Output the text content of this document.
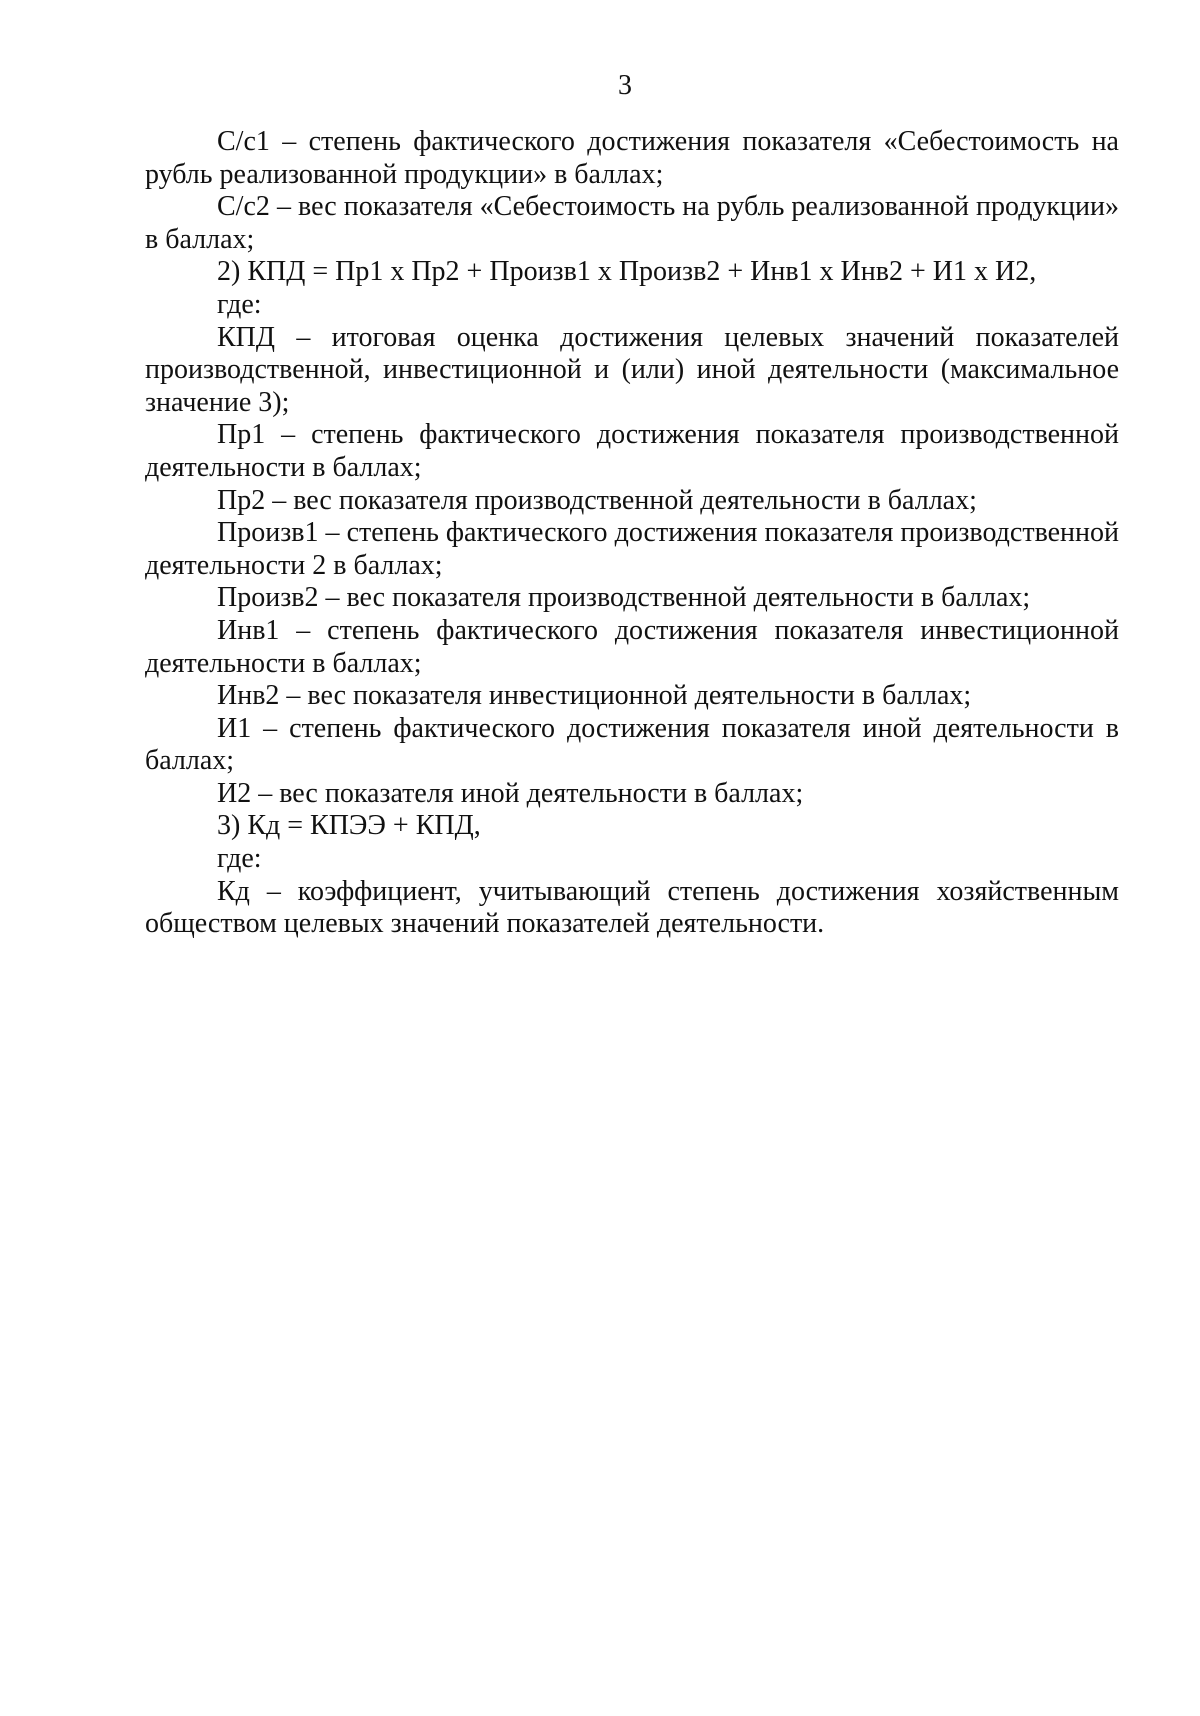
3

С/с1 – степень фактического достижения показателя «Себестоимость на рубль реализованной продукции» в баллах;

С/с2 – вес показателя «Себестоимость на рубль реализованной продукции» в баллах;

2) КПД = Пр1 х Пр2 + Произв1 х Произв2 + Инв1 х Инв2 + И1 х И2,

где:

КПД – итоговая оценка достижения целевых значений показателей производственной, инвестиционной и (или) иной деятельности (максимальное значение 3);

Пр1 – степень фактического достижения показателя производственной деятельности в баллах;

Пр2 – вес показателя производственной деятельности в баллах;

Произв1 – степень фактического достижения показателя производственной деятельности 2 в баллах;

Произв2 – вес показателя производственной деятельности в баллах;

Инв1 – степень фактического достижения показателя инвестиционной деятельности в баллах;

Инв2 – вес показателя инвестиционной деятельности в баллах;

И1 – степень фактического достижения показателя иной деятельности в баллах;

И2 – вес показателя иной деятельности в баллах;

3) Кд = КПЭЭ + КПД,

где:

Кд – коэффициент, учитывающий степень достижения хозяйственным обществом целевых значений показателей деятельности.
